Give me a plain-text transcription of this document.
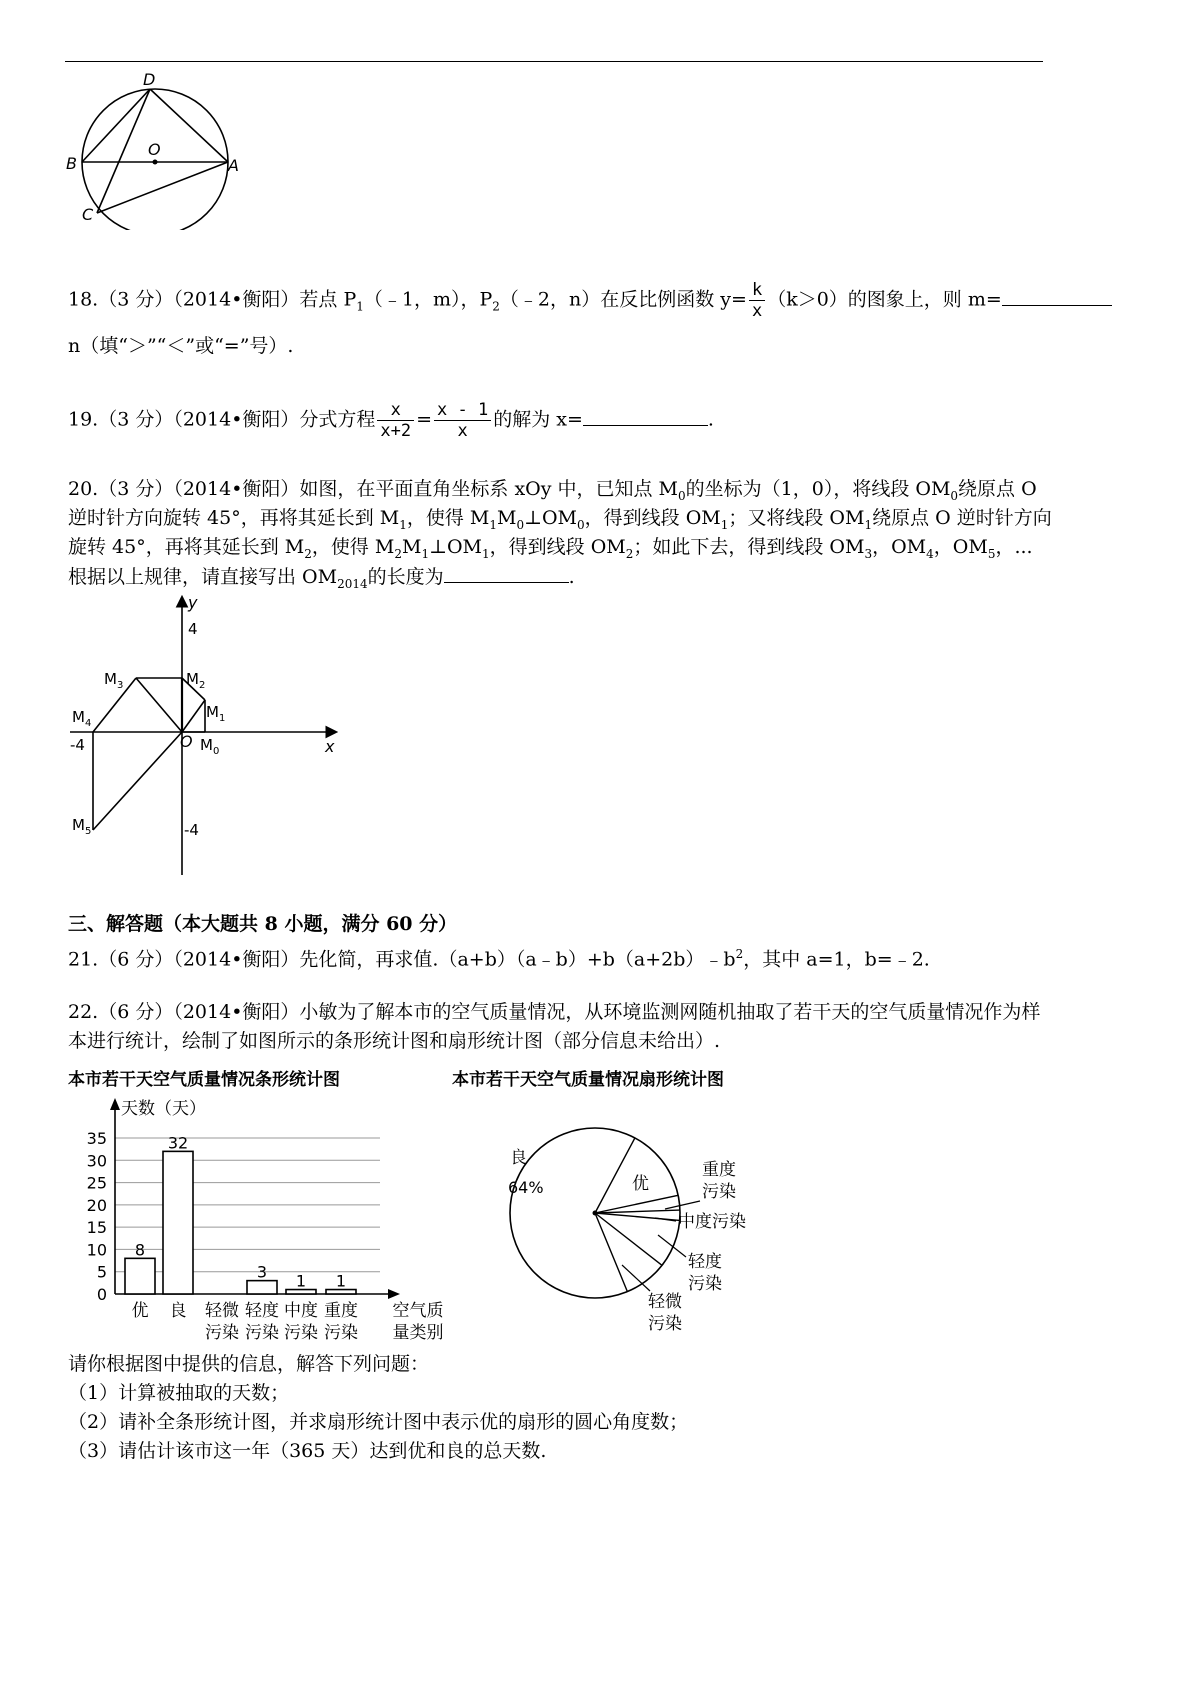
D
O
B	A
C
18.（3 分）（2014•衡阳）若点 $P_1(﹣1$，m），$P_2(﹣2$，n）在反比例函数 $y= \frac{k}{x} (k>0)$的图象上，则 m=
n（填“＞”“＜”或“=”号）.
19.（3 分）（2014•衡阳）分式方程 $\frac{x}{x+2} = \frac{x - 1}{x}$ 的解为 x=	.
20.（3 分）（2014•衡阳）如图，在平面直角坐标系 xOy 中，已知点 $M_0$的坐标为（1，0），将线段 $OM_0$绕原点 O
逆时针方向旋转 45°，再将其延长到 $M_1$，使得 $M_1M_0\perp OM_0$，得到线段 $OM_1$；又将线段 $OM_1$绕原点 O 逆时针方向
旋转 45°，再将其延长到 $M_2$，使得 $M_2M_1\perp OM_1$，得到线段 $OM_2$；如此下去，得到线段 $OM_3$，$OM_4$，$OM_5$，...
根据以上规律，请直接写出 $OM_{2014}$的长度为	.
y
x
O
4
-4
-4	$M_0$
$M_1$
$M_2$
$M_3$
$M_4$
$M_5$
三、解答题（本大题共 8 小题，满分 60 分）
21.（6 分）（2014•衡阳）先化简，再求值$.(a+b)(a﹣b)+b(a+2b)﹣b^2$，其中 a=1，b=﹣2.
22.（6 分）（2014•衡阳）小敏为了解本市的空气质量情况，从环境监测网随机抽取了若干天的空气质量情况作为样
本进行统计，绘制了如图所示的条形统计图和扇形统计图（部分信息未给出）.
本市若干天空气质量情况条形统计图
0
5
10
15
20
25
30
35
天数（天）
8
优
32
良 轻微
污染
3
轻度
污染
1
中度
污染
1
重度
污染
空气质
量类别
本市若干天空气质量情况扇形统计图
良
64%	优
重度
污染
中度污染
轻度
污染
轻微
污染
请你根据图中提供的信息，解答下列问题：
（1）计算被抽取的天数；
（2）请补全条形统计图，并求扇形统计图中表示优的扇形的圆心角度数；
（3）请估计该市这一年（365 天）达到优和良的总天数.
